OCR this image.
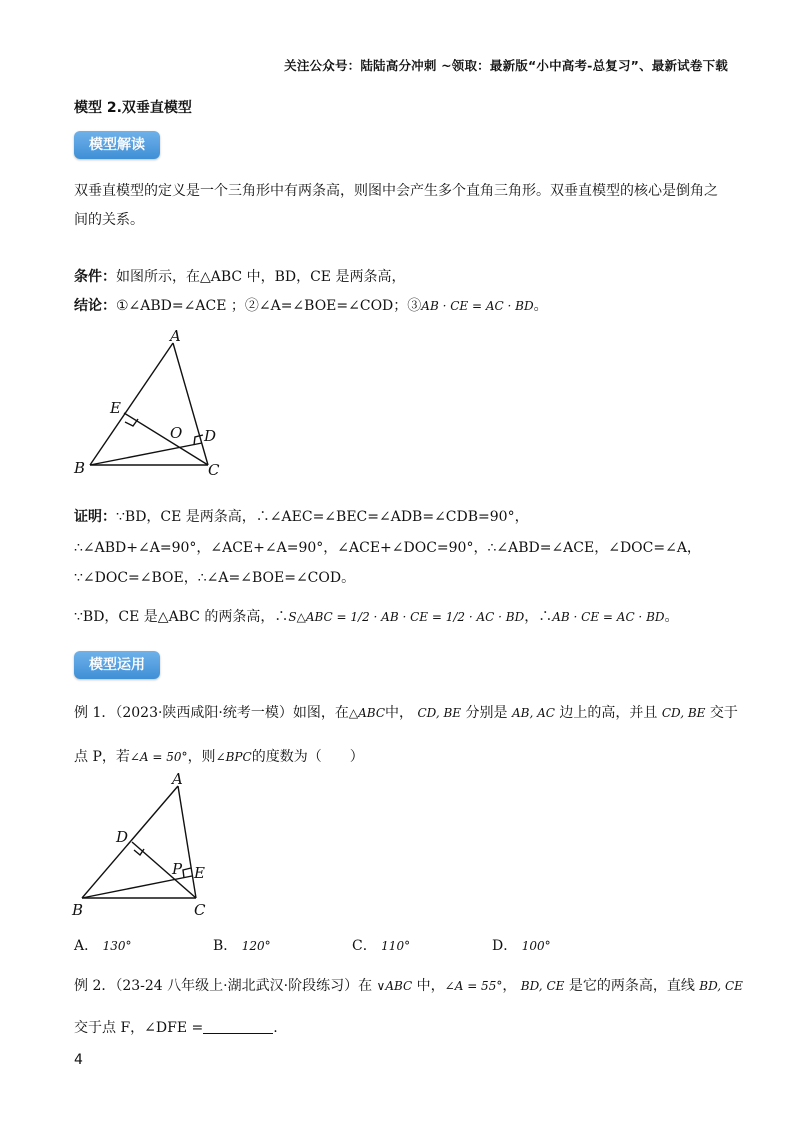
关注公众号：陆陆高分冲刺 ~领取：最新版“小中高考-总复习”、最新试卷下载
模型 2.双垂直模型
模型解读
双垂直模型的定义是一个三角形中有两条高，则图中会产生多个直角三角形。双垂直模型的核心是倒角之
间的关系。
条件：如图所示，在△ABC 中，BD，CE 是两条高，
结论：①∠ABD=∠ACE ；②∠A=∠BOE=∠COD；③AB · CE = AC · BD。
A
E
O D
B	C
证明：∵BD，CE 是两条高，∴∠AEC=∠BEC=∠ADB=∠CDB=90°，
∴∠ABD+∠A=90°，∠ACE+∠A=90°，∠ACE+∠DOC=90°，∴∠ABD=∠ACE，∠DOC=∠A，
∵∠DOC=∠BOE，∴∠A=∠BOE=∠COD。
∵BD，CE 是△ABC 的两条高，∴S△ABC = 1/2 · AB · CE = 1/2 · AC · BD，∴AB · CE = AC · BD。
模型运用
例 1．（2023·陕西咸阳·统考一模）如图，在△ABC中， CD, BE 分别是 AB, AC 边上的高，并且 CD, BE 交于
点 P，若∠A = 50°，则∠BPC的度数为（　　）
A
D
P E
B	C
A． 130°	B． 120°	C． 110°	D． 100°
例 2．（23-24 八年级上·湖北武汉·阶段练习）在 ∨ABC 中，∠A = 55°， BD, CE 是它的两条高，直线 BD, CE
交于点 F，∠DFE =	.
4
